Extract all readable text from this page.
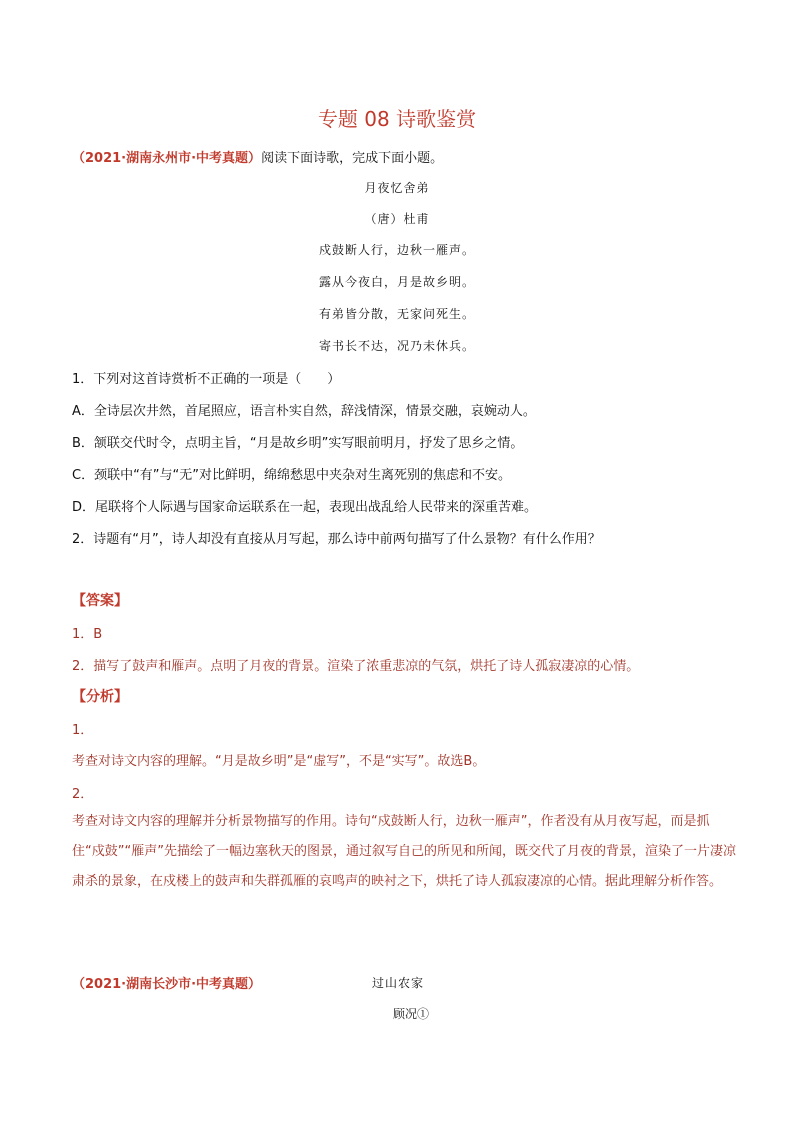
专题 08 诗歌鉴赏
（2021·湖南永州市·中考真题）阅读下面诗歌，完成下面小题。
月夜忆舍弟
（唐）杜甫
戍鼓断人行，边秋一雁声。
露从今夜白，月是故乡明。
有弟皆分散，无家问死生。
寄书长不达，况乃未休兵。
1．下列对这首诗赏析不正确的一项是（　　）
A．全诗层次井然，首尾照应，语言朴实自然，辞浅情深，情景交融，哀婉动人。
B．颔联交代时令，点明主旨，“月是故乡明”实写眼前明月，抒发了思乡之情。
C．颈联中“有”与“无”对比鲜明，绵绵愁思中夹杂对生离死别的焦虑和不安。
D．尾联将个人际遇与国家命运联系在一起，表现出战乱给人民带来的深重苦难。
2．诗题有“月”，诗人却没有直接从月写起，那么诗中前两句描写了什么景物？有什么作用？
【答案】
1．B
2．描写了鼓声和雁声。点明了月夜的背景。渲染了浓重悲凉的气氛，烘托了诗人孤寂凄凉的心情。
【分析】
1．
考查对诗文内容的理解。“月是故乡明”是“虚写”，不是“实写”。故选B。
2．
考查对诗文内容的理解并分析景物描写的作用。诗句“戍鼓断人行，边秋一雁声”，作者没有从月夜写起，而是抓住“戍鼓”“雁声”先描绘了一幅边塞秋天的图景，通过叙写自己的所见和所闻，既交代了月夜的背景，渲染了一片凄凉肃杀的景象，在戍楼上的鼓声和失群孤雁的哀鸣声的映衬之下，烘托了诗人孤寂凄凉的心情。据此理解分析作答。
（2021·湖南长沙市·中考真题）	过山农家
顾况①
